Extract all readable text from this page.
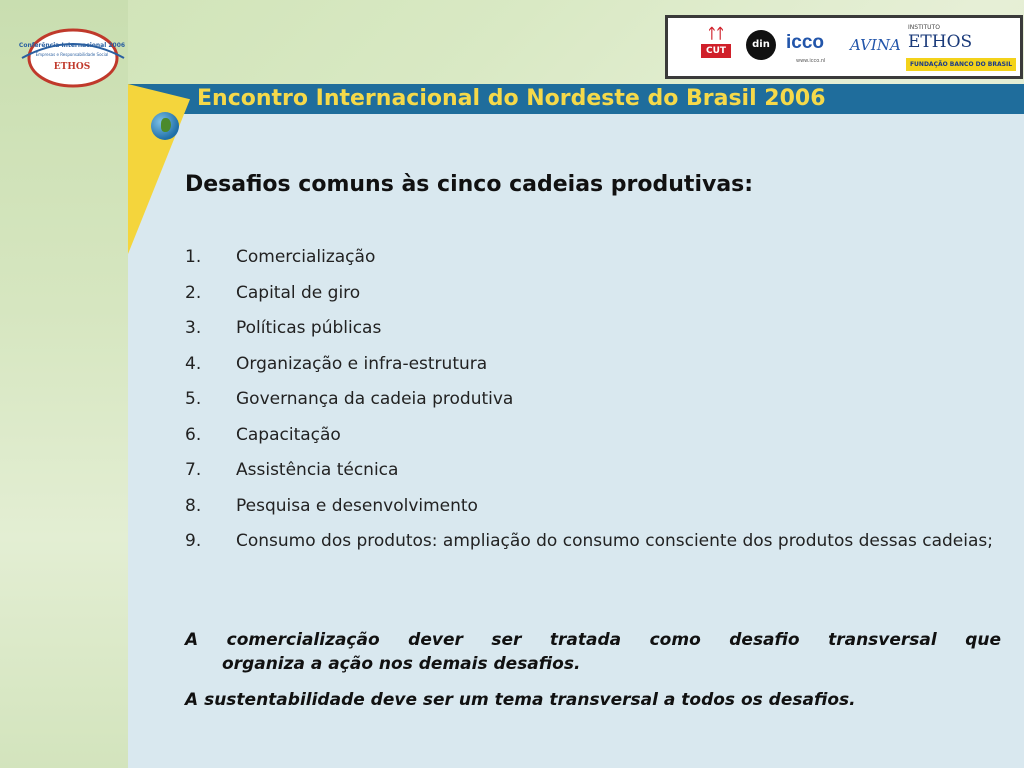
Conferência Internacional 2006
Empresas e Responsabilidade Social
ETHOS
ᛏᛏ
CUT
din icco
www.icco.nl
AVINA
INSTITUTO
ETHOS
FUNDAÇÃO BANCO DO BRASIL
Encontro Internacional do Nordeste do Brasil 2006
Desafios comuns às cinco cadeias produtivas:
1.	Comercialização
2.	Capital de giro
3.	Políticas públicas
4.	Organização e infra-estrutura
5.	Governança da cadeia produtiva
6.	Capacitação
7.	Assistência técnica
8.	Pesquisa e desenvolvimento
9.	Consumo dos produtos: ampliação do consumo consciente dos produtos dessas cadeias;
A comercialização dever ser tratada como desafio transversal que
organiza a ação nos demais desafios.
A sustentabilidade deve ser um tema transversal a todos os desafios.
